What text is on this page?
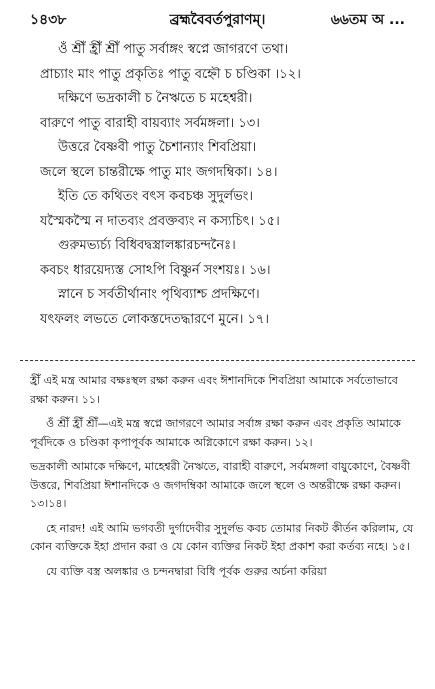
১৪৩৮	ব্রহ্মবৈবর্তপুরাণম্।	৬৬তম অ ...
ওঁ শ্রীঁ হ্রীঁ শ্রীঁ পাতু সর্বাঙ্গং স্বপ্নে জাগরণে তথা।
প্রাচ্যাং মাং পাতু প্রকৃতিঃ পাতু বহ্নৌ চ চণ্ডিকা ।১২।
দক্ষিণে ভদ্রকালী চ নৈঋতে চ মহেশ্বরী।
বারুণে পাতু বারাহী বায়ব্যাং সর্বমঙ্গলা। ১৩।
উত্তরে বৈষ্ণবী পাতু চৈশান্যাং শিবপ্রিয়া।
জলে স্থলে চান্তরীক্ষে পাতু মাং জগদম্বিকা। ১৪।
ইতি তে কথিতং বৎস কবচঞ্চ সুদুর্লভং।
যস্মৈকস্মৈ ন দাতব্যং প্রবক্তব্যং ন কস্যচিৎ। ১৫।
গুরুমভ্যর্চ্য বিধিবদ্বস্ত্রালঙ্কারচন্দনৈঃ।
কবচং ধারয়েদ্যস্ত সোঽপি বিষ্ণুর্ন সংশয়ঃ। ১৬।
স্নানে চ সর্বতীর্থানাং পৃথিব্যাশ্চ প্রদক্ষিণে।
যৎফলং লভতে লোকস্তদেতদ্ধারণে মুনে। ১৭।

হ্রীঁ এই মন্ত্র আমার বক্ষঃস্থল রক্ষা করুন এবং ঈশানদিকে শিবপ্রিয়া আমাকে সর্বতোভাবে রক্ষা করুন। ১১।

ওঁ শ্রীঁ হ্রীঁ শ্রীঁ—এই মন্ত্র স্বপ্নে জাগরণে আমার সর্বাঙ্গ রক্ষা করুন এবং প্রকৃতি আমাকে পূর্বদিকে ও চণ্ডিকা কৃপাপূর্বক আমাকে অগ্নিকোণে রক্ষা করুন। ১২।

ভদ্রকালী আমাকে দক্ষিণে, মাহেশ্বরী নৈঋতে, বারাহী বারুণে, সর্বমঙ্গলা বায়ুকোণে, বৈষ্ণবী উত্তরে, শিবপ্রিয়া ঈশানদিকে ও জগদম্বিকা আমাকে জলে স্থলে ও অন্তরীক্ষে রক্ষা করুন। ১৩।১৪।

হে নারদ! এই আমি ভগবতী দুর্গাদেবীর সুদুর্লভ কবচ তোমার নিকট কীর্তন করিলাম, যে কোন ব্যক্তিকে ইহা প্রদান করা ও যে কোন ব্যক্তির নিকট ইহা প্রকাশ করা কর্তব্য নহে। ১৫।

যে ব্যক্তি বস্ত্র অলঙ্কার ও চন্দনদ্বারা বিধি পূর্বক গুরুর অর্চনা করিয়া
